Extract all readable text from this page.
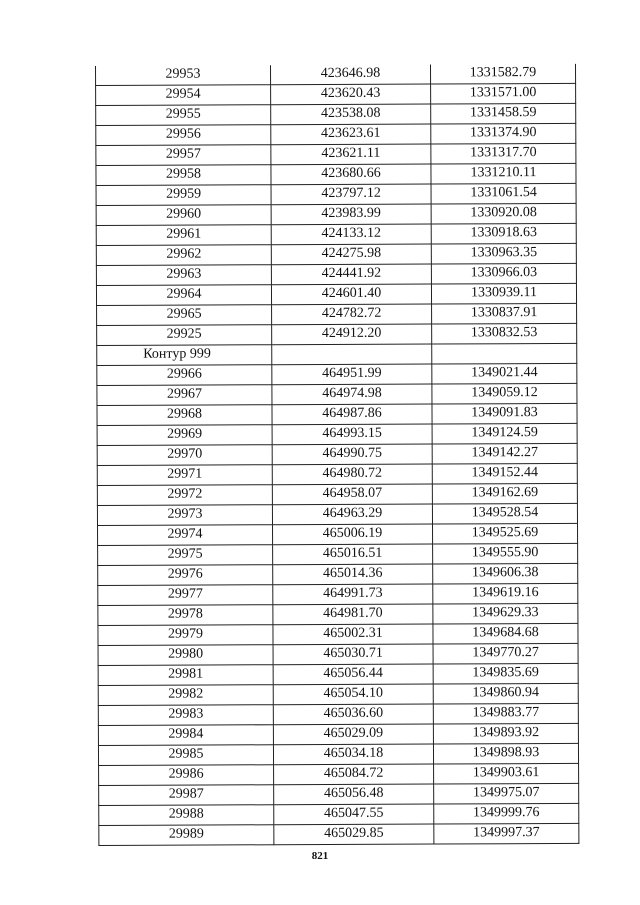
29953	423646.98	1331582.79
29954	423620.43	1331571.00
29955	423538.08	1331458.59
29956	423623.61	1331374.90
29957	423621.11	1331317.70
29958	423680.66	1331210.11
29959	423797.12	1331061.54
29960	423983.99	1330920.08
29961	424133.12	1330918.63
29962	424275.98	1330963.35
29963	424441.92	1330966.03
29964	424601.40	1330939.11
29965	424782.72	1330837.91
29925	424912.20	1330832.53
Контур 999		
29966	464951.99	1349021.44
29967	464974.98	1349059.12
29968	464987.86	1349091.83
29969	464993.15	1349124.59
29970	464990.75	1349142.27
29971	464980.72	1349152.44
29972	464958.07	1349162.69
29973	464963.29	1349528.54
29974	465006.19	1349525.69
29975	465016.51	1349555.90
29976	465014.36	1349606.38
29977	464991.73	1349619.16
29978	464981.70	1349629.33
29979	465002.31	1349684.68
29980	465030.71	1349770.27
29981	465056.44	1349835.69
29982	465054.10	1349860.94
29983	465036.60	1349883.77
29984	465029.09	1349893.92
29985	465034.18	1349898.93
29986	465084.72	1349903.61
29987	465056.48	1349975.07
29988	465047.55	1349999.76
29989	465029.85	1349997.37
821
